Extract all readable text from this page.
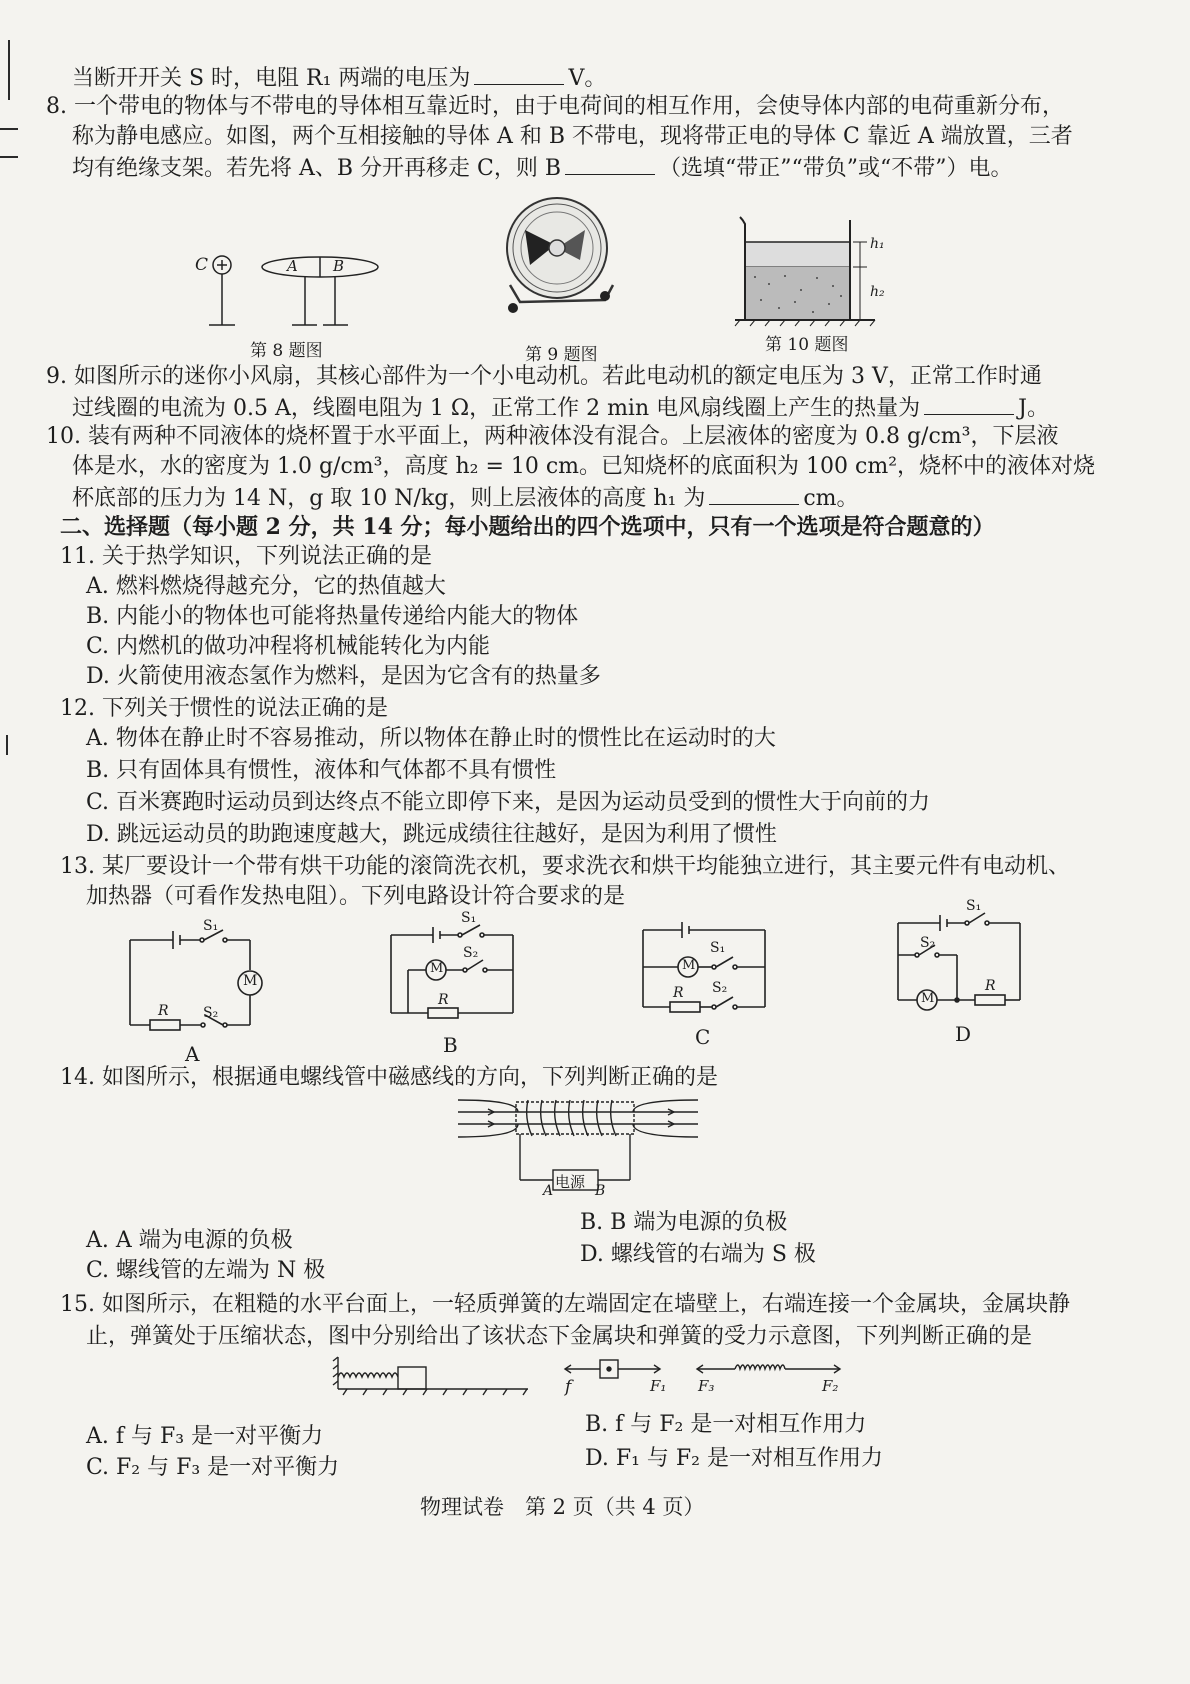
当断开开关 S 时，电阻 R₁ 两端的电压为	V。
8. 一个带电的物体与不带电的导体相互靠近时，由于电荷间的相互作用，会使导体内部的电荷重新分布，
称为静电感应。如图，两个互相接触的导体 A 和 B 不带电，现将带正电的导体 C 靠近 A 端放置，三者
均有绝缘支架。若先将 A、B 分开再移走 C，则 B	（选填“带正”“带负”或“不带”）电。
C	A B
第 8 题图	第 9 题图
h₁
h₂
第 10 题图
9. 如图所示的迷你小风扇，其核心部件为一个小电动机。若此电动机的额定电压为 3 V，正常工作时通
过线圈的电流为 0.5 A，线圈电阻为 1 Ω，正常工作 2 min 电风扇线圈上产生的热量为	J。
10. 装有两种不同液体的烧杯置于水平面上，两种液体没有混合。上层液体的密度为 0.8 g/cm³，下层液
体是水，水的密度为 1.0 g/cm³，高度 h₂ = 10 cm。已知烧杯的底面积为 100 cm²，烧杯中的液体对烧
杯底部的压力为 14 N，g 取 10 N/kg，则上层液体的高度 h₁ 为	cm。
二、选择题（每小题 2 分，共 14 分；每小题给出的四个选项中，只有一个选项是符合题意的）
11. 关于热学知识，下列说法正确的是
A. 燃料燃烧得越充分，它的热值越大
B. 内能小的物体也可能将热量传递给内能大的物体
C. 内燃机的做功冲程将机械能转化为内能
D. 火箭使用液态氢作为燃料，是因为它含有的热量多
12. 下列关于惯性的说法正确的是
A. 物体在静止时不容易推动，所以物体在静止时的惯性比在运动时的大
B. 只有固体具有惯性，液体和气体都不具有惯性
C. 百米赛跑时运动员到达终点不能立即停下来，是因为运动员受到的惯性大于向前的力
D. 跳远运动员的助跑速度越大，跳远成绩往往越好，是因为利用了惯性
13. 某厂要设计一个带有烘干功能的滚筒洗衣机，要求洗衣和烘干均能独立进行，其主要元件有电动机、
加热器（可看作发热电阻）。下列电路设计符合要求的是
M
S₁
S₂
R
A
M
S₁
S₂
R
B
M
S₁
S₂
R
C
M
S₁
S₂
R
D
14. 如图所示，根据通电螺线管中磁感线的方向，下列判断正确的是
电源
A	B
B. B 端为电源的负极
A. A 端为电源的负极
D. 螺线管的右端为 S 极
C. 螺线管的左端为 N 极
15. 如图所示，在粗糙的水平台面上，一轻质弹簧的左端固定在墙壁上，右端连接一个金属块，金属块静
止，弹簧处于压缩状态，图中分别给出了该状态下金属块和弹簧的受力示意图，下列判断正确的是
f	F₁ F₃	F₂
B. f 与 F₂ 是一对相互作用力
A. f 与 F₃ 是一对平衡力
D. F₁ 与 F₂ 是一对相互作用力
C. F₂ 与 F₃ 是一对平衡力
物理试卷　第 2 页（共 4 页）
